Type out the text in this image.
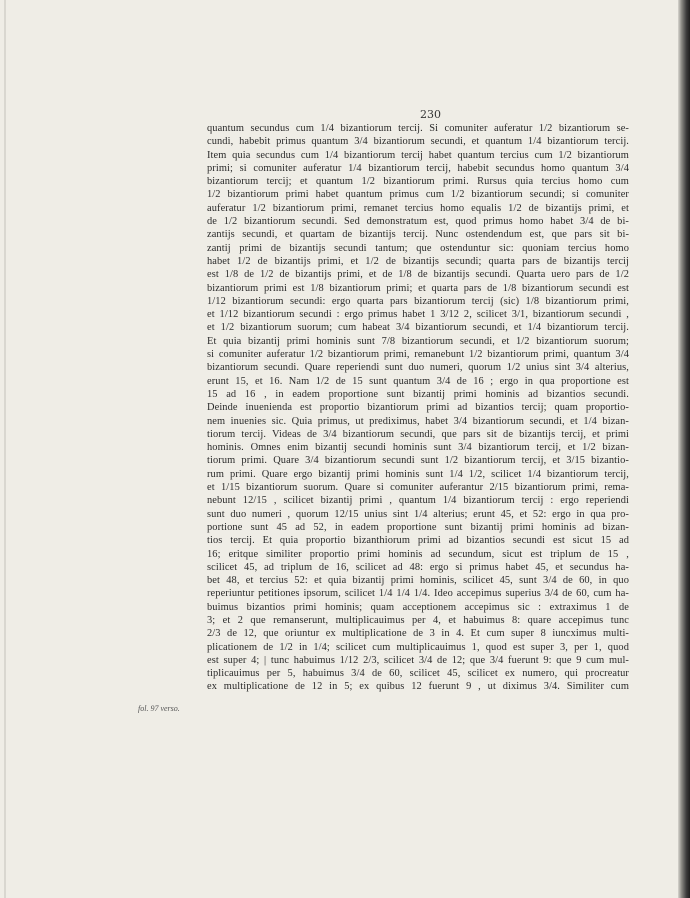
230
quantum secundus cum 1/4 bizantiorum tercij. Si comuniter auferatur 1/2 bizantiorum se-
cundi, habebit primus quantum 3/4 bizantiorum secundi, et quantum 1/4 bizantiorum tercij.
Item quia secundus cum 1/4 bizantiorum tercij habet quantum tercius cum 1/2 bizantiorum
primi; si comuniter auferatur 1/4 bizantiorum tercij, habebit secundus homo quantum 3/4
bizantiorum tercij; et quantum 1/2 bizantiorum primi. Rursus quia tercius homo cum
1/2 bizantiorum primi habet quantum primus cum 1/2 bizantiorum secundi; si comuniter
auferatur 1/2 bizantiorum primi, remanet tercius homo equalis 1/2 de bizantijs primi, et
de 1/2 bizantiorum secundi. Sed demonstratum est, quod primus homo habet 3/4 de bi-
zantijs secundi, et quartam de bizantijs tercij. Nunc ostendendum est, que pars sit bi-
zantij primi de bizantijs secundi tantum; que ostenduntur sic: quoniam tercius homo
habet 1/2 de bizantijs primi, et 1/2 de bizantijs secundi; quarta pars de bizantijs tercij
est 1/8 de 1/2 de bizantijs primi, et de 1/8 de bizantijs secundi. Quarta uero pars de 1/2
bizantiorum primi est 1/8 bizantiorum primi; et quarta pars de 1/8 bizantiorum secundi est
1/12 bizantiorum secundi: ergo quarta pars bizantiorum tercij (sic) 1/8 bizantiorum primi,
et 1/12 bizantiorum secundi : ergo primus habet 1 3/12 2, scilicet 3/1, bizantiorum secundi ,
et 1/2 bizantiorum suorum; cum habeat 3/4 bizantiorum secundi, et 1/4 bizantiorum tercij.
Et quia bizantij primi hominis sunt 7/8 bizantiorum secundi, et 1/2 bizantiorum suorum;
si comuniter auferatur 1/2 bizantiorum primi, remanebunt 1/2 bizantiorum primi, quantum 3/4
bizantiorum secundi. Quare reperiendi sunt duo numeri, quorum 1/2 unius sint 3/4 alterius,
erunt 15, et 16. Nam 1/2 de 15 sunt quantum 3/4 de 16 ; ergo in qua proportione est
15 ad 16 , in eadem proportione sunt bizantij primi hominis ad bizantios secundi.
Deinde inuenienda est proportio bizantiorum primi ad bizantios tercij; quam proportio-
nem inuenies sic. Quia primus, ut prediximus, habet 3/4 bizantiorum secundi, et 1/4 bizan-
tiorum tercij. Videas de 3/4 bizantiorum secundi, que pars sit de bizantijs tercij, et primi
hominis. Omnes enim bizantij secundi hominis sunt 3/4 bizantiorum tercij, et 1/2 bizan-
tiorum primi. Quare 3/4 bizantiorum secundi sunt 1/2 bizantiorum tercij, et 3/15 bizantio-
rum primi. Quare ergo bizantij primi hominis sunt 1/4 1/2, scilicet 1/4 bizantiorum tercij,
et 1/15 bizantiorum suorum. Quare si comuniter auferantur 2/15 bizantiorum primi, rema-
nebunt 12/15 , scilicet bizantij primi , quantum 1/4 bizantiorum tercij : ergo reperiendi
sunt duo numeri , quorum 12/15 unius sint 1/4 alterius; erunt 45, et 52: ergo in qua pro-
portione sunt 45 ad 52, in eadem proportione sunt bizantij primi hominis ad bizan-
tios tercij. Et quia proportio bizanthiorum primi ad bizantios secundi est sicut 15 ad
16; eritque similiter proportio primi hominis ad secundum, sicut est triplum de 15 ,
scilicet 45, ad triplum de 16, scilicet ad 48: ergo si primus habet 45, et secundus ha-
bet 48, et tercius 52: et quia bizantij primi hominis, scilicet 45, sunt 3/4 de 60, in quo
reperiuntur petitiones ipsorum, scilicet 1/4 1/4 1/4. Ideo accepimus superius 3/4 de 60, cum ha-
buimus bizantios primi hominis; quam acceptionem accepimus sic : extraximus 1 de
3; et 2 que remanserunt, multiplicauimus per 4, et habuimus 8: quare accepimus tunc
2/3 de 12, que oriuntur ex multiplicatione de 3 in 4. Et cum super 8 iuncximus multi-
plicationem de 1/2 in 1/4; scilicet cum multiplicauimus 1, quod est super 3, per 1, quod
est super 4; | tunc habuimus 1/12 2/3, scilicet 3/4 de 12; que 3/4 fuerunt 9: que 9 cum mul-
tiplicauimus per 5, habuimus 3/4 de 60, scilicet 45, scilicet ex numero, qui procreatur
ex multiplicatione de 12 in 5; ex quibus 12 fuerunt 9 , ut diximus 3/4. Similiter cum
fol. 97 verso.
